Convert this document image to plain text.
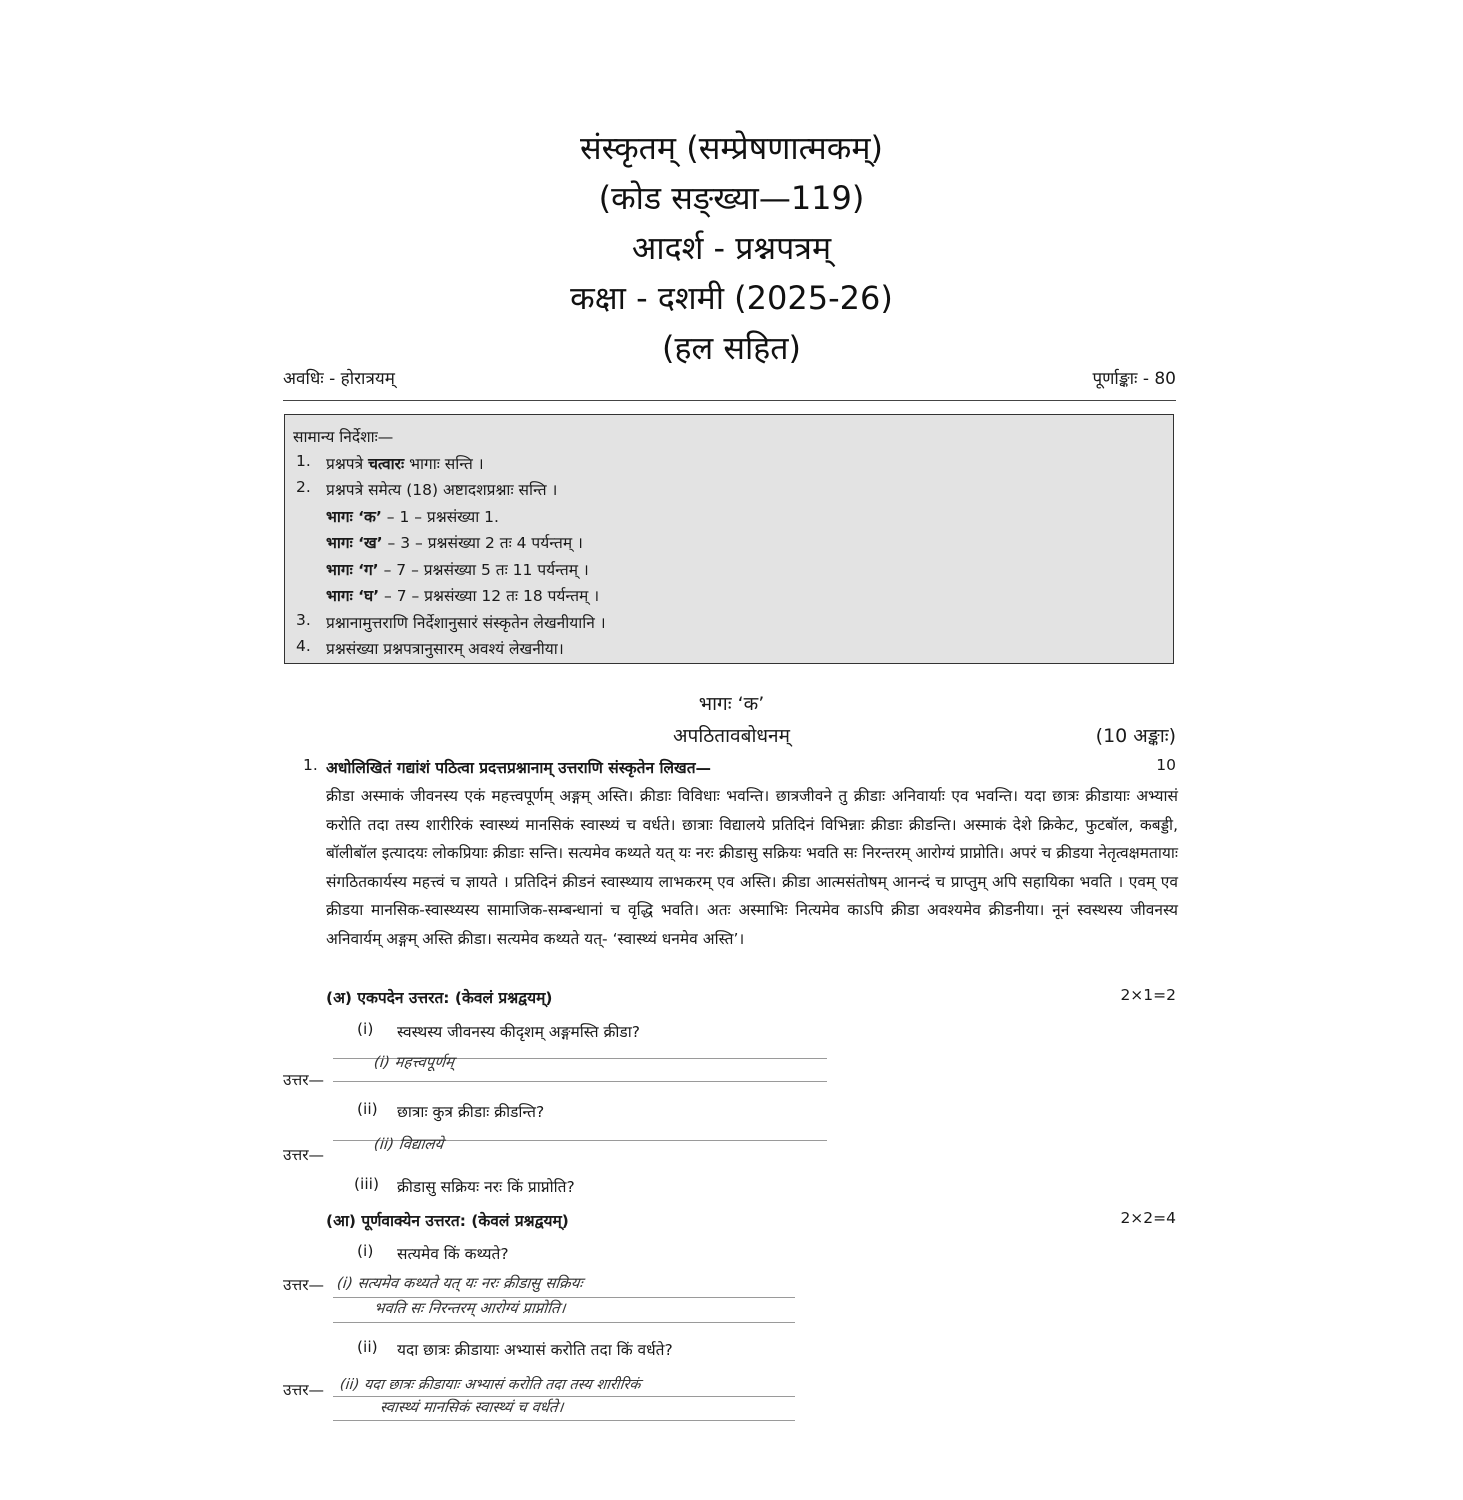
संस्कृतम् (सम्प्रेषणात्मकम्)
(कोड सङ्ख्या—119)
आदर्श - प्रश्नपत्रम्
कक्षा - दशमी (2025-26)
(हल सहित)
अवधिः - होरात्रयम्	पूर्णाङ्काः - 80
सामान्य निर्देशाः—
1. प्रश्नपत्रे चत्वारः भागाः सन्ति ।
2. प्रश्नपत्रे समेत्य (18) अष्टादशप्रश्नाः सन्ति ।
भागः ‘क’ – 1 – प्रश्नसंख्या 1.
भागः ‘ख’ – 3 – प्रश्नसंख्या 2 तः 4 पर्यन्तम् ।
भागः ‘ग’ – 7 – प्रश्नसंख्या 5 तः 11 पर्यन्तम् ।
भागः ‘घ’ – 7 – प्रश्नसंख्या 12 तः 18 पर्यन्तम् ।
3. प्रश्नानामुत्तराणि निर्देशानुसारं संस्कृतेन लेखनीयानि ।
4. प्रश्नसंख्या प्रश्नपत्रानुसारम् अवश्यं लेखनीया।
भागः ‘क’
अपठितावबोधनम्	(10 अङ्काः)
1. अधोलिखितं गद्यांशं पठित्वा प्रदत्तप्रश्नानाम् उत्तराणि संस्कृतेन लिखत—	10
क्रीडा अस्माकं जीवनस्य एकं महत्त्वपूर्णम् अङ्गम् अस्ति। क्रीडाः विविधाः भवन्ति। छात्रजीवने तु क्रीडाः अनिवार्याः एव भवन्ति। यदा छात्रः क्रीडायाः अभ्यासं करोति तदा तस्य शारीरिकं स्वास्थ्यं मानसिकं स्वास्थ्यं च वर्धते। छात्राः विद्यालये प्रतिदिनं विभिन्नाः क्रीडाः क्रीडन्ति। अस्माकं देशे क्रिकेट, फुटबॉल, कबड्डी, बॉलीबॉल इत्यादयः लोकप्रियाः क्रीडाः सन्ति। सत्यमेव कथ्यते यत् यः नरः क्रीडासु सक्रियः भवति सः निरन्तरम् आरोग्यं प्राप्नोति। अपरं च क्रीडया नेतृत्वक्षमतायाः संगठितकार्यस्य महत्त्वं च ज्ञायते । प्रतिदिनं क्रीडनं स्वास्थ्याय लाभकरम् एव अस्ति। क्रीडा आत्मसंतोषम् आनन्दं च प्राप्तुम् अपि सहायिका भवति । एवम् एव क्रीडया मानसिक-स्वास्थ्यस्य सामाजिक-सम्बन्धानां च वृद्धि भवति। अतः अस्माभिः नित्यमेव काऽपि क्रीडा अवश्यमेव क्रीडनीया। नूनं स्वस्थस्य जीवनस्य अनिवार्यम् अङ्गम् अस्ति क्रीडा। सत्यमेव कथ्यते यत्- ‘स्वास्थ्यं धनमेव अस्ति’।
(अ) एकपदेन उत्तरत: (केवलं प्रश्नद्वयम्)	2×1=2
(i) स्वस्थस्य जीवनस्य कीदृशम् अङ्गमस्ति क्रीडा?
उत्तर—
(i) महत्त्वपूर्णम्
(ii) छात्राः कुत्र क्रीडाः क्रीडन्ति?
उत्तर—
(ii) विद्यालये
(iii) क्रीडासु सक्रियः नरः किं प्राप्नोति?
(आ) पूर्णवाक्येन उत्तरत: (केवलं प्रश्नद्वयम्)	2×2=4
(i) सत्यमेव किं कथ्यते?
उत्तर— (i) सत्यमेव कथ्यते यत् यः नरः क्रीडासु सक्रियः
भवति सः निरन्तरम् आरोग्यं प्राप्नोति।
(ii) यदा छात्रः क्रीडायाः अभ्यासं करोति तदा किं वर्धते?
उत्तर— (ii) यदा छात्रः क्रीडायाः अभ्यासं करोति तदा तस्य शारीरिकं
स्वास्थ्यं मानसिकं स्वास्थ्यं च वर्धते।
